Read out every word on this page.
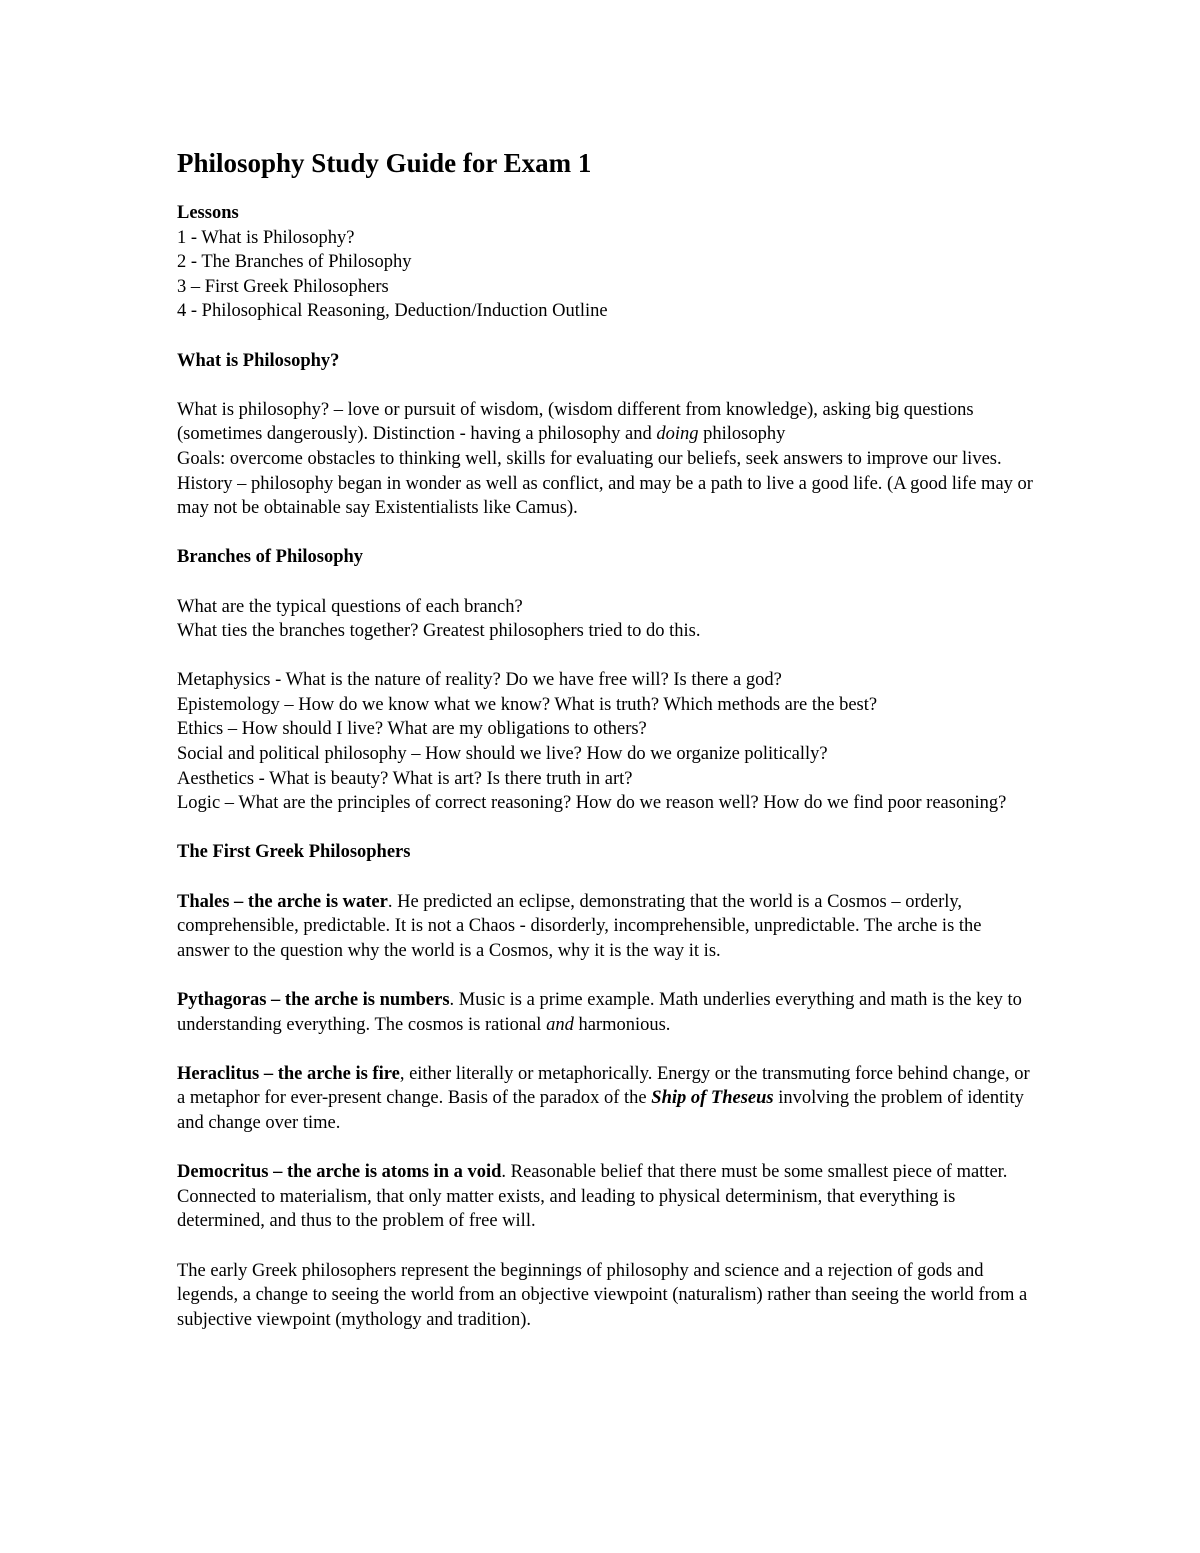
Philosophy Study Guide for Exam 1
Lessons
1 - What is Philosophy?
2 - The Branches of Philosophy
3 – First Greek Philosophers
4 - Philosophical Reasoning, Deduction/Induction Outline
What is Philosophy?

What is philosophy? – love or pursuit of wisdom, (wisdom different from knowledge), asking big questions (sometimes dangerously). Distinction - having a philosophy and doing philosophy

Goals: overcome obstacles to thinking well, skills for evaluating our beliefs, seek answers to improve our lives. History – philosophy began in wonder as well as conflict, and may be a path to live a good life. (A good life may or may not be obtainable say Existentialists like Camus).

Branches of Philosophy
What are the typical questions of each branch?
What ties the branches together? Greatest philosophers tried to do this.
Metaphysics - What is the nature of reality? Do we have free will? Is there a god?
Epistemology – How do we know what we know? What is truth? Which methods are the best?
Ethics – How should I live? What are my obligations to others?
Social and political philosophy – How should we live? How do we organize politically?
Aesthetics - What is beauty? What is art? Is there truth in art?
Logic – What are the principles of correct reasoning? How do we reason well? How do we find poor reasoning?
The First Greek Philosophers

Thales – the arche is water. He predicted an eclipse, demonstrating that the world is a Cosmos – orderly, comprehensible, predictable. It is not a Chaos - disorderly, incomprehensible, unpredictable. The arche is the answer to the question why the world is a Cosmos, why it is the way it is.

Pythagoras – the arche is numbers. Music is a prime example. Math underlies everything and math is the key to understanding everything. The cosmos is rational and harmonious.

Heraclitus – the arche is fire, either literally or metaphorically. Energy or the transmuting force behind change, or a metaphor for ever-present change. Basis of the paradox of the Ship of Theseus involving the problem of identity and change over time.

Democritus – the arche is atoms in a void. Reasonable belief that there must be some smallest piece of matter. Connected to materialism, that only matter exists, and leading to physical determinism, that everything is determined, and thus to the problem of free will.

The early Greek philosophers represent the beginnings of philosophy and science and a rejection of gods and legends, a change to seeing the world from an objective viewpoint (naturalism) rather than seeing the world from a subjective viewpoint (mythology and tradition).
